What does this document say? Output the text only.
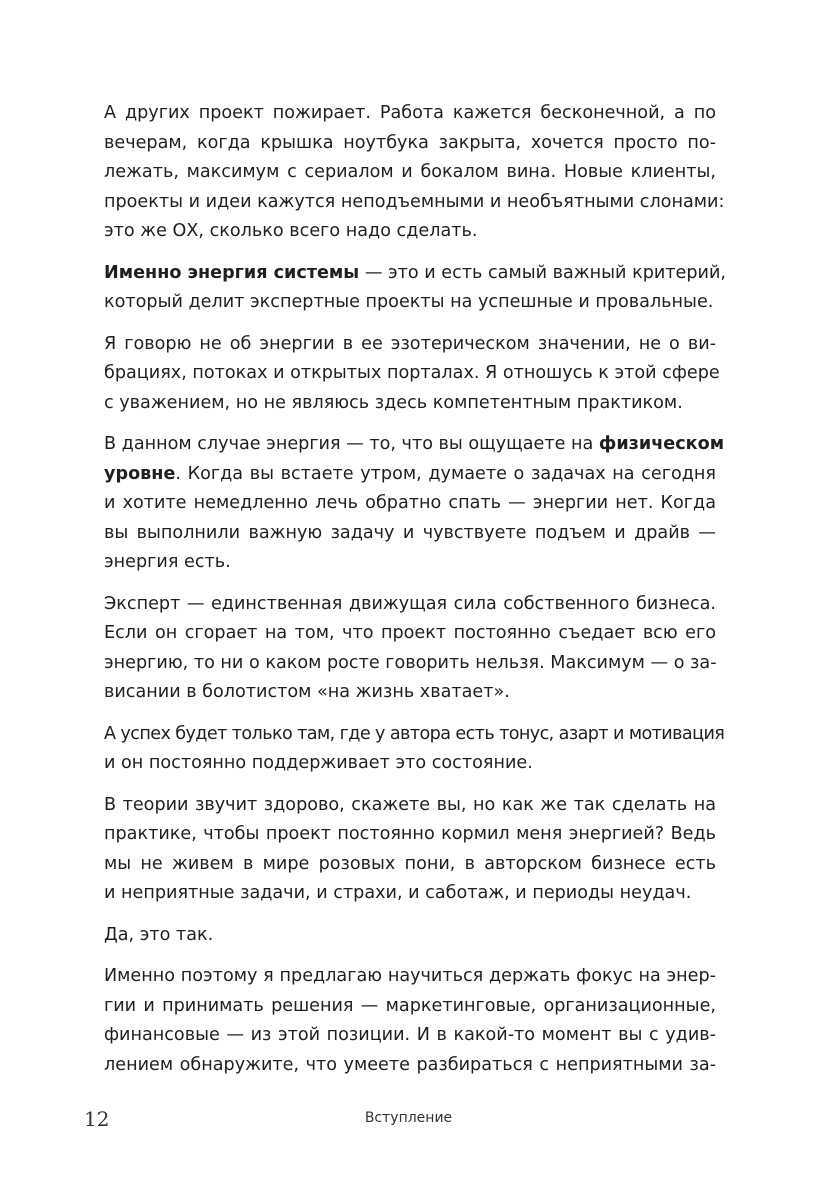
А других проект пожирает. Работа кажется бесконечной, а по
вечерам, когда крышка ноутбука закрыта, хочется просто по-
лежать, максимум с сериалом и бокалом вина. Новые клиенты,
проекты и идеи кажутся неподъемными и необъятными слонами:
это же ОХ, сколько всего надо сделать.

Именно энергия системы — это и есть самый важный критерий,
который делит экспертные проекты на успешные и провальные.

Я говорю не об энергии в ее эзотерическом значении, не о ви-
брациях, потоках и открытых порталах. Я отношусь к этой сфере
с уважением, но не являюсь здесь компетентным практиком.

В данном случае энергия — то, что вы ощущаете на физическом
уровне. Когда вы встаете утром, думаете о задачах на сегодня
и хотите немедленно лечь обратно спать — энергии нет. Когда
вы выполнили важную задачу и чувствуете подъем и драйв —
энергия есть.

Эксперт — единственная движущая сила собственного бизнеса.
Если он сгорает на том, что проект постоянно съедает всю его
энергию, то ни о каком росте говорить нельзя. Максимум — о за-
висании в болотистом «на жизнь хватает».

А успех будет только там, где у автора есть тонус, азарт и мотивация
и он постоянно поддерживает это состояние.

В теории звучит здорово, скажете вы, но как же так сделать на
практике, чтобы проект постоянно кормил меня энергией? Ведь
мы не живем в мире розовых пони, в авторском бизнесе есть
и неприятные задачи, и страхи, и саботаж, и периоды неудач.

Да, это так.

Именно поэтому я предлагаю научиться держать фокус на энер-
гии и принимать решения — маркетинговые, организационные,
финансовые — из этой позиции. И в какой-то момент вы с удив-
лением обнаружите, что умеете разбираться с неприятными за-

12	Вступление
